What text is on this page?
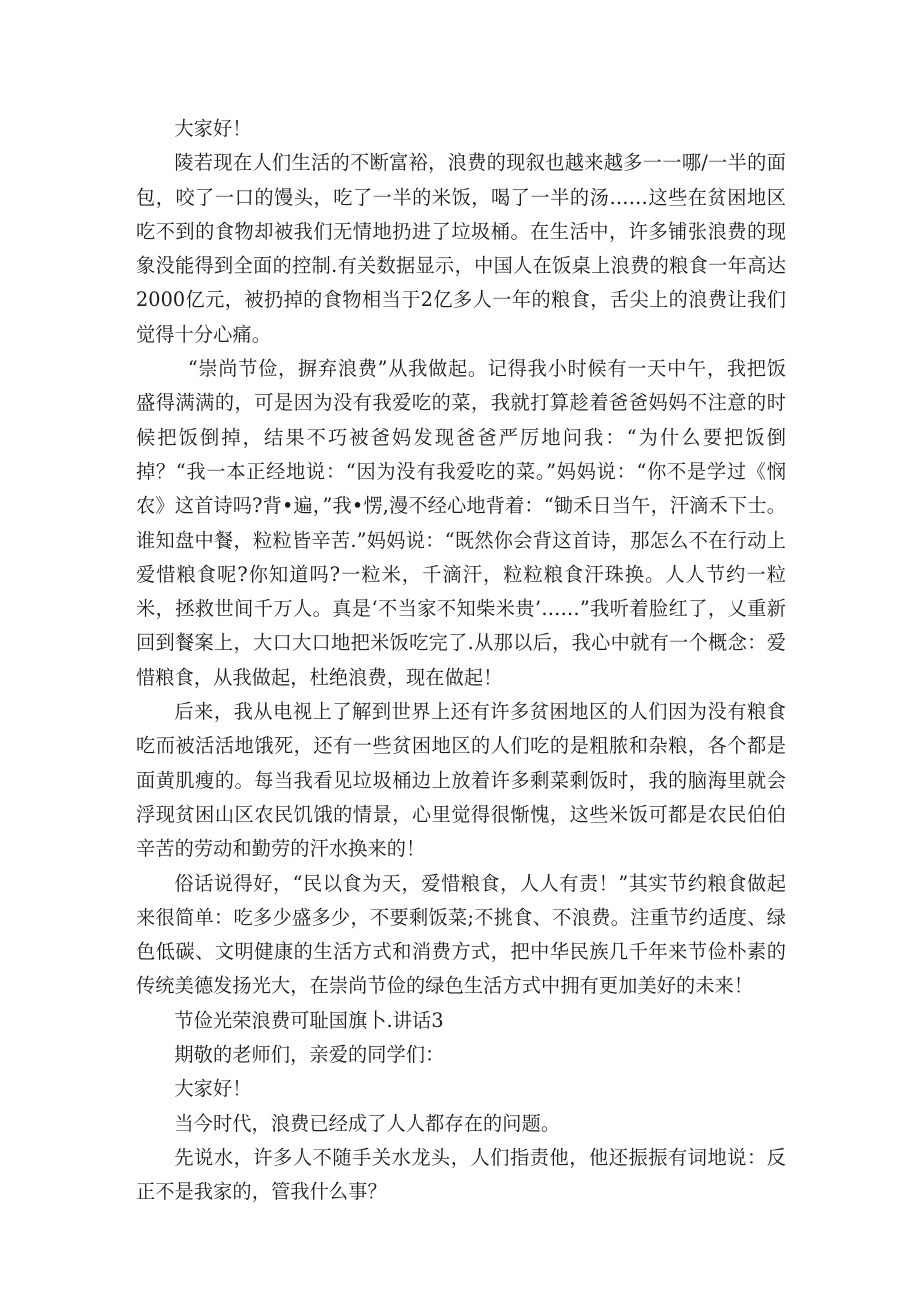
大家好！

陵若现在人们生活的不断富裕，浪费的现叙也越来越多一一哪/一半的面包，咬了一口的馒头，吃了一半的米饭，喝了一半的汤……这些在贫困地区吃不到的食物却被我们无情地扔进了垃圾桶。在生活中，许多铺张浪费的现象没能得到全面的控制.有关数据显示，中国人在饭桌上浪费的粮食一年高达2000亿元，被扔掉的食物相当于2亿多人一年的粮食，舌尖上的浪费让我们觉得十分心痛。

“崇尚节俭，摒弃浪费”从我做起。记得我小时候有一天中午，我把饭盛得满满的，可是因为没有我爱吃的菜，我就打算趁着爸爸妈妈不注意的时候把饭倒掉，结果不巧被爸妈发现爸爸严厉地问我：“为什么要把饭倒掉？“我一本正经地说：“因为没有我爱吃的菜。”妈妈说：“你不是学过《悯农》这首诗吗?背•遍，”我•愣,漫不经心地背着：“锄禾日当午，汗滴禾下士。谁知盘中餐，粒粒皆辛苦.”妈妈说：“既然你会背这首诗，那怎么不在行动上爱惜粮食呢?你知道吗?一粒米，千滴汗，粒粒粮食汗珠换。人人节约一粒米，拯救世间千万人。真是‘不当家不知柴米贵’……”我听着脸红了，乂重新回到餐案上，大口大口地把米饭吃完了.从那以后，我心中就有一个概念：爱惜粮食，从我做起，杜绝浪费，现在做起！

后来，我从电视上了解到世界上还有许多贫困地区的人们因为没有粮食吃而被活活地饿死，还有一些贫困地区的人们吃的是粗脓和杂粮，各个都是面黄肌瘦的。每当我看见垃圾桶边上放着许多剩菜剩饭时，我的脑海里就会浮现贫困山区农民饥饿的情景，心里觉得很惭愧，这些米饭可都是农民伯伯辛苦的劳动和勤劳的汗水换来的！

俗话说得好，“民以食为天，爱惜粮食，人人有责！”其实节约粮食做起来很简单：吃多少盛多少，不要剩饭菜;不挑食、不浪费。注重节约适度、绿色低碳、文明健康的生活方式和消费方式，把中华民族几千年来节俭朴素的传统美德发扬光大，在崇尚节俭的绿色生活方式中拥有更加美好的未来！

节俭光荣浪费可耻国旗卜.讲话3

期敬的老师们，亲爱的同学们：

大家好！

当今时代，浪费已经成了人人都存在的问题。

先说水，许多人不随手关水龙头，人们指责他，他还振振有词地说：反正不是我家的，管我什么事？
